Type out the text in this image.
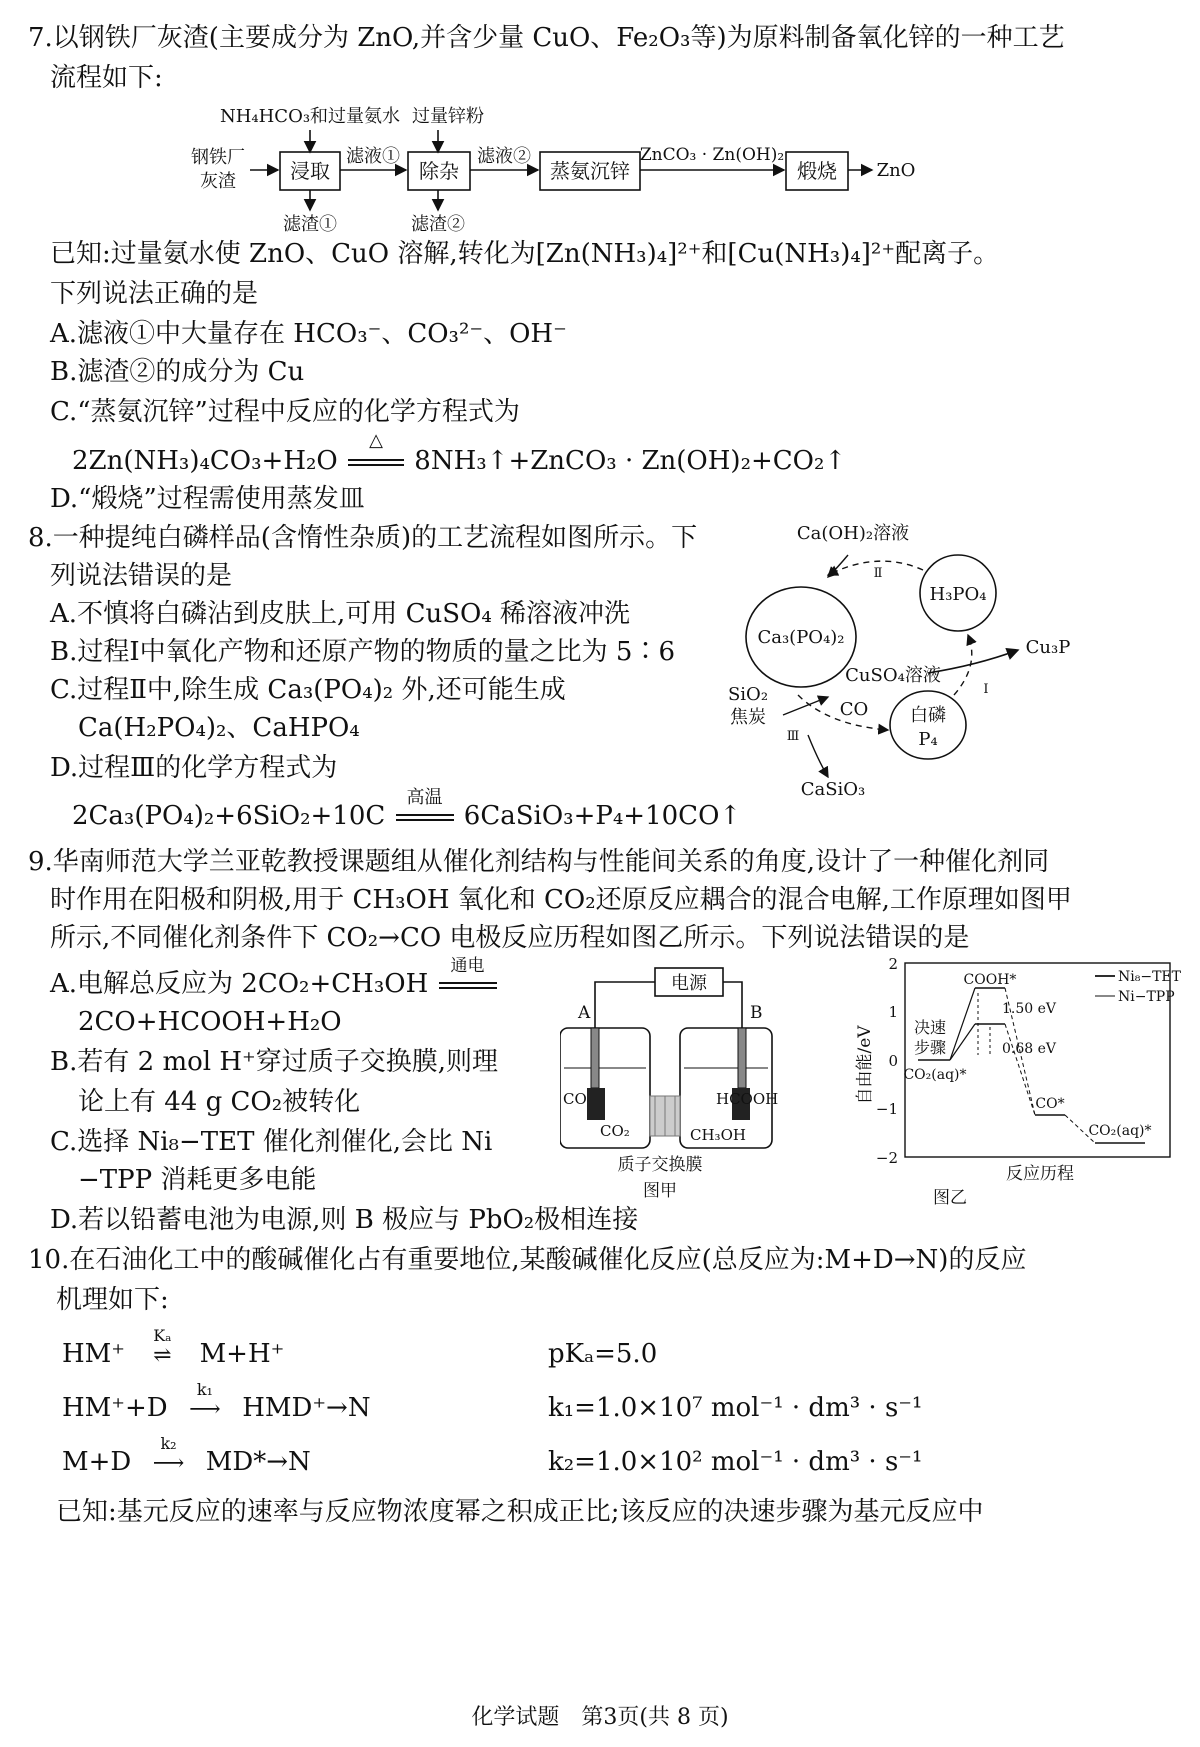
7.以钢铁厂灰渣(主要成分为 ZnO,并含少量 CuO、Fe₂O₃等)为原料制备氧化锌的一种工艺
流程如下:
钢铁厂
灰渣
NH₄HCO₃和过量氨水 过量锌粉
浸取	除杂	蒸氨沉锌	煅烧
滤液①	滤液②	ZnCO₃ · Zn(OH)₂
ZnO
滤渣①	滤渣②
已知:过量氨水使 ZnO、CuO 溶解,转化为[Zn(NH₃)₄]²⁺和[Cu(NH₃)₄]²⁺配离子。
下列说法正确的是
A.滤液①中大量存在 HCO₃⁻、CO₃²⁻、OH⁻
B.滤渣②的成分为 Cu
C.“蒸氨沉锌”过程中反应的化学方程式为
2Zn(NH₃)₄CO₃+H₂O
△
8NH₃↑+ZnCO₃ · Zn(OH)₂+CO₂↑
D.“煅烧”过程需使用蒸发皿
8.一种提纯白磷样品(含惰性杂质)的工艺流程如图所示。下
列说法错误的是
A.不慎将白磷沾到皮肤上,可用 CuSO₄ 稀溶液冲洗
B.过程Ⅰ中氧化产物和还原产物的物质的量之比为 5∶6
C.过程Ⅱ中,除生成 Ca₃(PO₄)₂ 外,还可能生成
Ca(H₂PO₄)₂、CaHPO₄
D.过程Ⅲ的化学方程式为
2Ca₃(PO₄)₂+6SiO₂+10C
高温
6CaSiO₃+P₄+10CO↑
Ca(OH)₂溶液
Ⅱ
H₃PO₄
Ca₃(PO₄)₂	Cu₃P
CuSO₄溶液
Ⅰ
SiO₂
焦炭	CO 白磷
P₄
Ⅲ
CaSiO₃
9.华南师范大学兰亚乾教授课题组从催化剂结构与性能间关系的角度,设计了一种催化剂同
时作用在阳极和阴极,用于 CH₃OH 氧化和 CO₂还原反应耦合的混合电解,工作原理如图甲
所示,不同催化剂条件下 CO₂→CO 电极反应历程如图乙所示。下列说法错误的是
A.电解总反应为 2CO₂+CH₃OH
通电
2CO+HCOOH+H₂O
B.若有 2 mol H⁺穿过质子交换膜,则理
论上有 44 g CO₂被转化
C.选择 Ni₈−TET 催化剂催化,会比 Ni
−TPP 消耗更多电能
D.若以铅蓄电池为电源,则 B 极应与 PbO₂极相连接
电源
A	B
CO
CO₂
HCOOH
CH₃OH
质子交换膜
图甲
自由能/eV
2
1
0
−1
−2
Ni₈−TET
Ni−TPP
COOH*
1.50 eV
0.68 eV
决速
步骤
CO₂(aq)*
CO*
CO₂(aq)*
反应历程
图乙
10.在石油化工中的酸碱催化占有重要地位,某酸碱催化反应(总反应为:M+D→N)的反应
机理如下:
HM⁺
Kₐ
⇌ M+H⁺	pKₐ=5.0
HM⁺+D
k₁
⟶ HMD⁺→N	k₁=1.0×10⁷ mol⁻¹ · dm³ · s⁻¹
M+D
k₂
⟶ MD*→N	k₂=1.0×10² mol⁻¹ · dm³ · s⁻¹
已知:基元反应的速率与反应物浓度幂之积成正比;该反应的决速步骤为基元反应中
化学试题　第3页(共 8 页)
